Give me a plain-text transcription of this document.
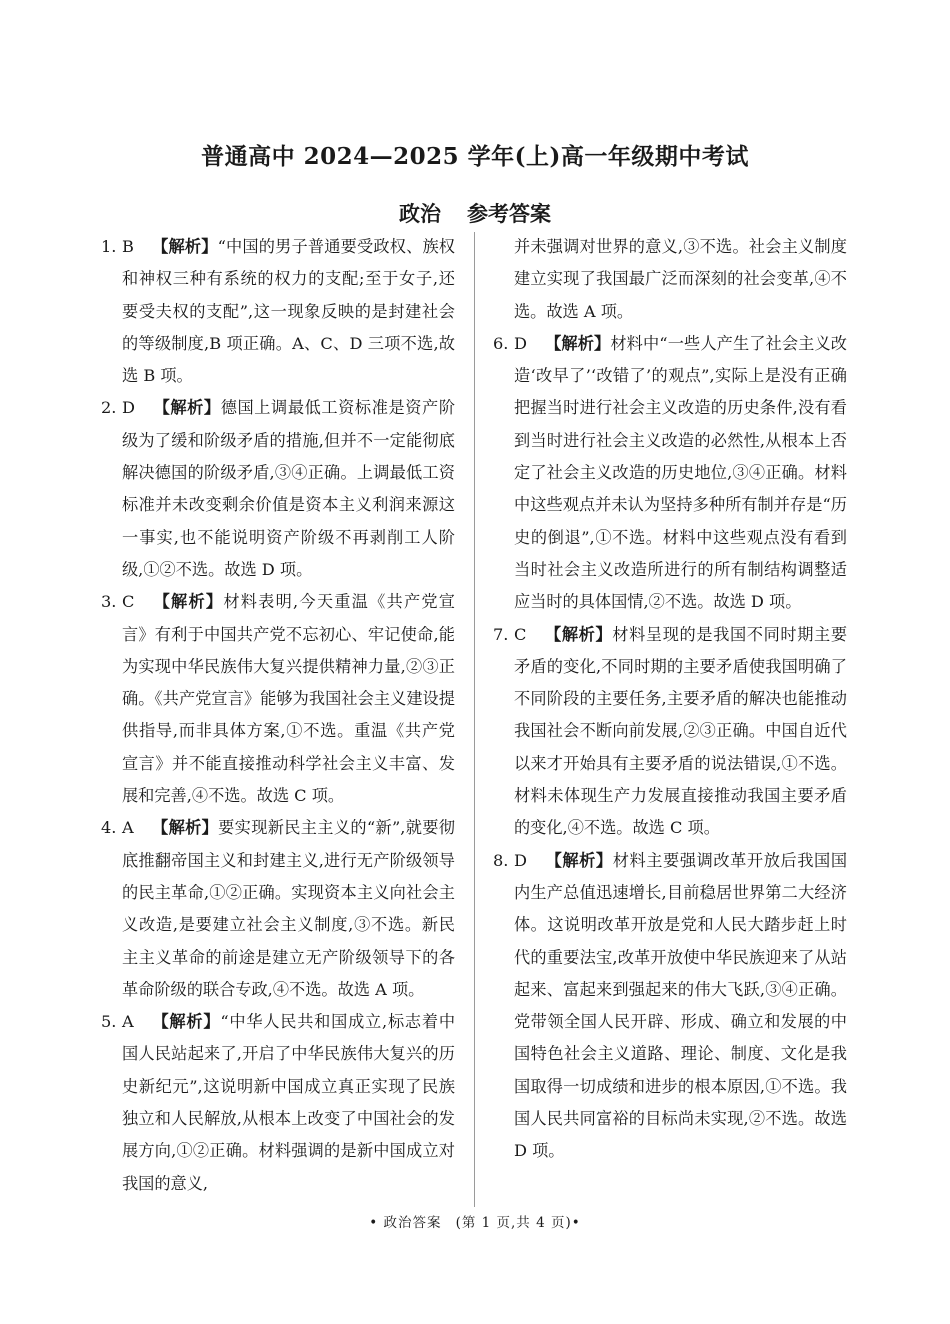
普通高中 2024—2025 学年(上)高一年级期中考试
政治 参考答案
1. B 【解析】“中国的男子普通要受政权、族权和神权三种有系统的权力的支配;至于女子,还要受夫权的支配”,这一现象反映的是封建社会的等级制度,B 项正确。A、C、D 三项不选,故选 B 项。
2. D 【解析】德国上调最低工资标准是资产阶级为了缓和阶级矛盾的措施,但并不一定能彻底解决德国的阶级矛盾,③④正确。上调最低工资标准并未改变剩余价值是资本主义利润来源这一事实,也不能说明资产阶级不再剥削工人阶级,①②不选。故选 D 项。
3. C 【解析】材料表明,今天重温《共产党宣言》有利于中国共产党不忘初心、牢记使命,能为实现中华民族伟大复兴提供精神力量,②③正确。《共产党宣言》能够为我国社会主义建设提供指导,而非具体方案,①不选。重温《共产党宣言》并不能直接推动科学社会主义丰富、发展和完善,④不选。故选 C 项。
4. A 【解析】要实现新民主主义的“新”,就要彻底推翻帝国主义和封建主义,进行无产阶级领导的民主革命,①②正确。实现资本主义向社会主义改造,是要建立社会主义制度,③不选。新民主主义革命的前途是建立无产阶级领导下的各革命阶级的联合专政,④不选。故选 A 项。
5. A 【解析】“中华人民共和国成立,标志着中国人民站起来了,开启了中华民族伟大复兴的历史新纪元”,这说明新中国成立真正实现了民族独立和人民解放,从根本上改变了中国社会的发展方向,①②正确。材料强调的是新中国成立对我国的意义,
并未强调对世界的意义,③不选。社会主义制度建立实现了我国最广泛而深刻的社会变革,④不选。故选 A 项。
6. D 【解析】材料中“一些人产生了社会主义改造‘改早了’‘改错了’的观点”,实际上是没有正确把握当时进行社会主义改造的历史条件,没有看到当时进行社会主义改造的必然性,从根本上否定了社会主义改造的历史地位,③④正确。材料中这些观点并未认为坚持多种所有制并存是“历史的倒退”,①不选。材料中这些观点没有看到当时社会主义改造所进行的所有制结构调整适应当时的具体国情,②不选。故选 D 项。
7. C 【解析】材料呈现的是我国不同时期主要矛盾的变化,不同时期的主要矛盾使我国明确了不同阶段的主要任务,主要矛盾的解决也能推动我国社会不断向前发展,②③正确。中国自近代以来才开始具有主要矛盾的说法错误,①不选。材料未体现生产力发展直接推动我国主要矛盾的变化,④不选。故选 C 项。
8. D 【解析】材料主要强调改革开放后我国国内生产总值迅速增长,目前稳居世界第二大经济体。这说明改革开放是党和人民大踏步赶上时代的重要法宝,改革开放使中华民族迎来了从站起来、富起来到强起来的伟大飞跃,③④正确。党带领全国人民开辟、形成、确立和发展的中国特色社会主义道路、理论、制度、文化是我国取得一切成绩和进步的根本原因,①不选。我国人民共同富裕的目标尚未实现,②不选。故选 D 项。
• 政治答案 (第 1 页,共 4 页)•
